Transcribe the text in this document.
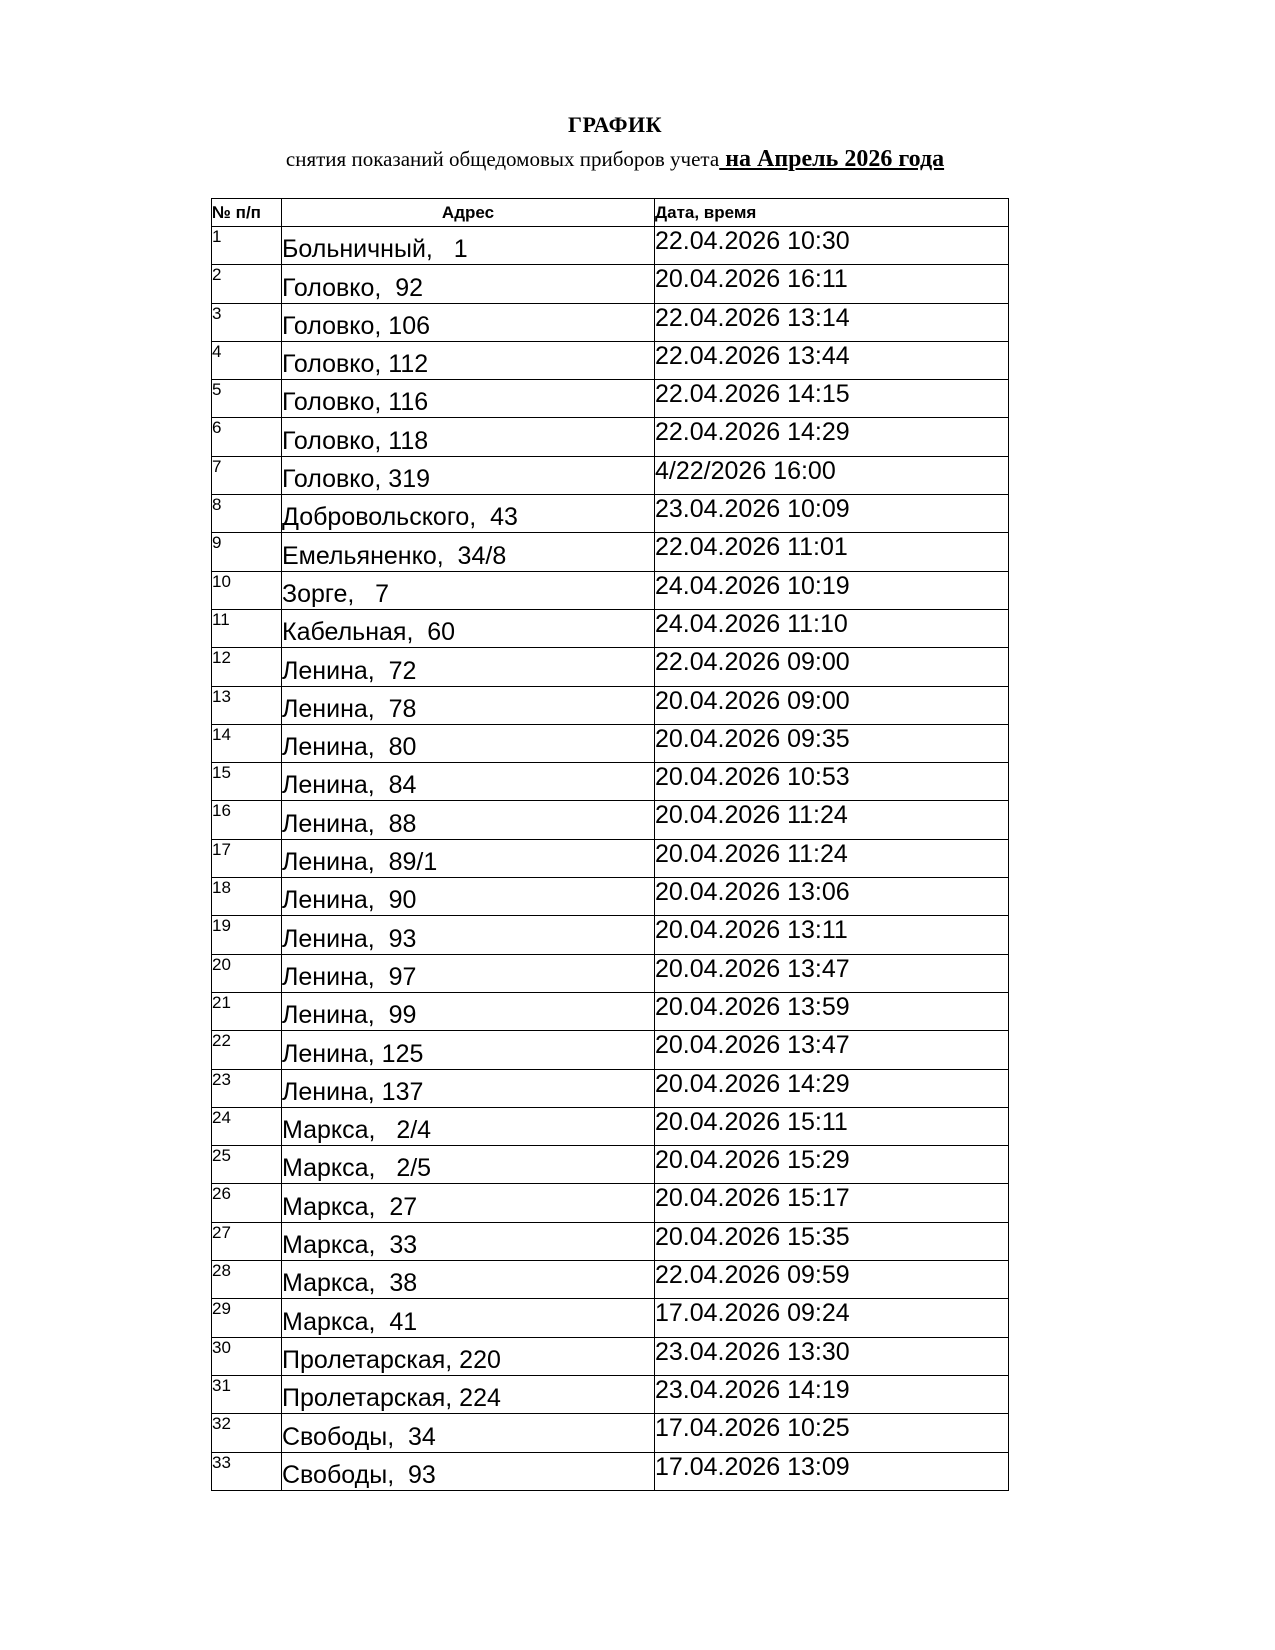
ГРАФИК
снятия показаний общедомовых приборов учета на Апрель 2026 года
№ п/п	Адрес	Дата, время
1	Больничный,   1	22.04.2026 10:30
2	Головко,  92	20.04.2026 16:11
3	Головко, 106	22.04.2026 13:14
4	Головко, 112	22.04.2026 13:44
5	Головко, 116	22.04.2026 14:15
6	Головко, 118	22.04.2026 14:29
7	Головко, 319	4/22/2026 16:00
8	Добровольского,  43	23.04.2026 10:09
9	Емельяненко,  34/8	22.04.2026 11:01
10	Зорге,   7	24.04.2026 10:19
11	Кабельная,  60	24.04.2026 11:10
12	Ленина,  72	22.04.2026 09:00
13	Ленина,  78	20.04.2026 09:00
14	Ленина,  80	20.04.2026 09:35
15	Ленина,  84	20.04.2026 10:53
16	Ленина,  88	20.04.2026 11:24
17	Ленина,  89/1	20.04.2026 11:24
18	Ленина,  90	20.04.2026 13:06
19	Ленина,  93	20.04.2026 13:11
20	Ленина,  97	20.04.2026 13:47
21	Ленина,  99	20.04.2026 13:59
22	Ленина, 125	20.04.2026 13:47
23	Ленина, 137	20.04.2026 14:29
24	Маркса,   2/4	20.04.2026 15:11
25	Маркса,   2/5	20.04.2026 15:29
26	Маркса,  27	20.04.2026 15:17
27	Маркса,  33	20.04.2026 15:35
28	Маркса,  38	22.04.2026 09:59
29	Маркса,  41	17.04.2026 09:24
30	Пролетарская, 220	23.04.2026 13:30
31	Пролетарская, 224	23.04.2026 14:19
32	Свободы,  34	17.04.2026 10:25
33	Свободы,  93	17.04.2026 13:09
